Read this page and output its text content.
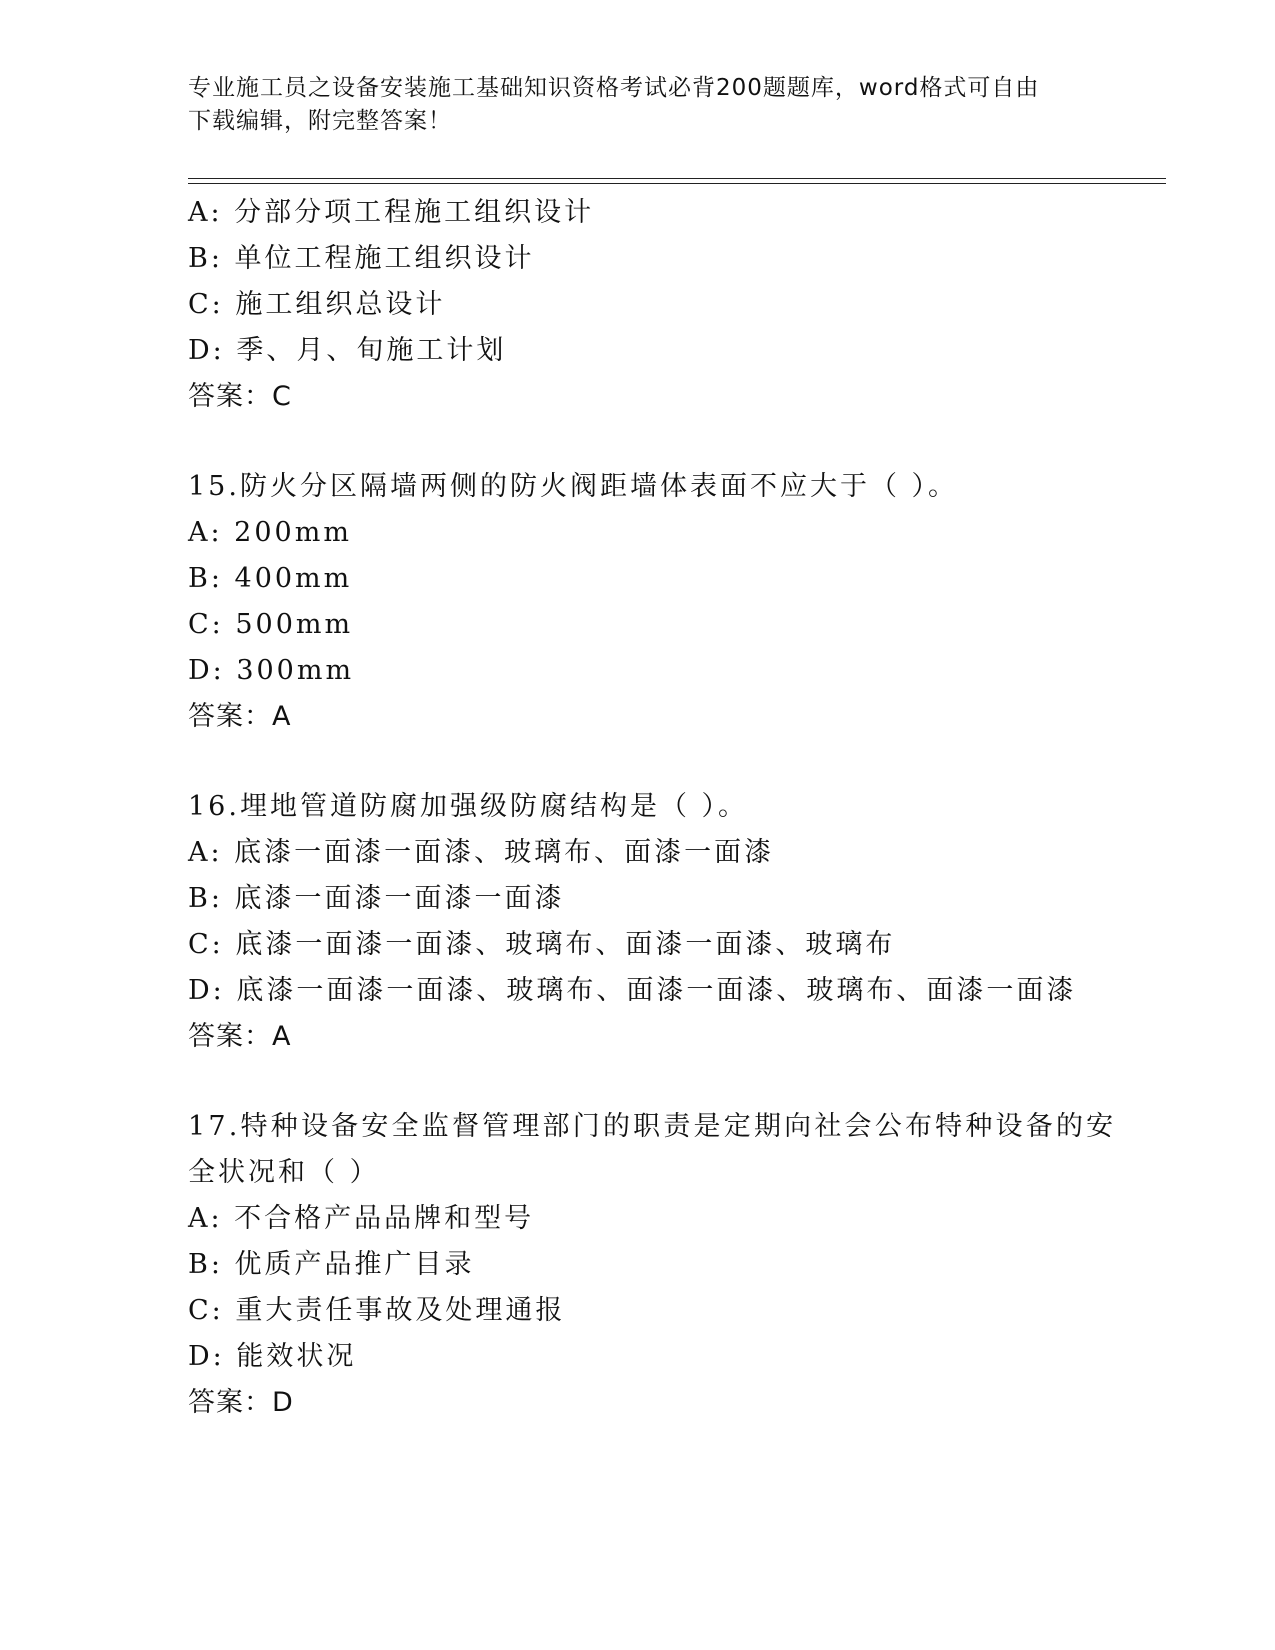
专业施工员之设备安装施工基础知识资格考试必背200题题库，word格式可自由
下载编辑，附完整答案！
A: 分部分项工程施工组织设计
B: 单位工程施工组织设计
C: 施工组织总设计
D: 季、月、旬施工计划
答案：C
15.防火分区隔墙两侧的防火阀距墙体表面不应大于（ ）。
A: 200mm
B: 400mm
C: 500mm
D: 300mm
答案：A
16.埋地管道防腐加强级防腐结构是（ ）。
A: 底漆一面漆一面漆、玻璃布、面漆一面漆
B: 底漆一面漆一面漆一面漆
C: 底漆一面漆一面漆、玻璃布、面漆一面漆、玻璃布
D: 底漆一面漆一面漆、玻璃布、面漆一面漆、玻璃布、面漆一面漆
答案：A
17.特种设备安全监督管理部门的职责是定期向社会公布特种设备的安
全状况和（ ）
A: 不合格产品品牌和型号
B: 优质产品推广目录
C: 重大责任事故及处理通报
D: 能效状况
答案：D
